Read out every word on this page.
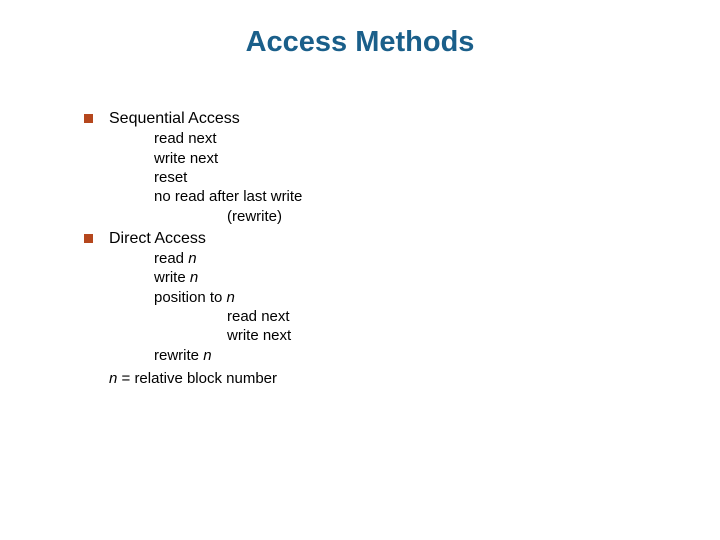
Access Methods
Sequential Access
read next
write next
reset
no read after last write
(rewrite)
Direct Access
read n
write n
position to n
read next
write next
rewrite n
n = relative block number
